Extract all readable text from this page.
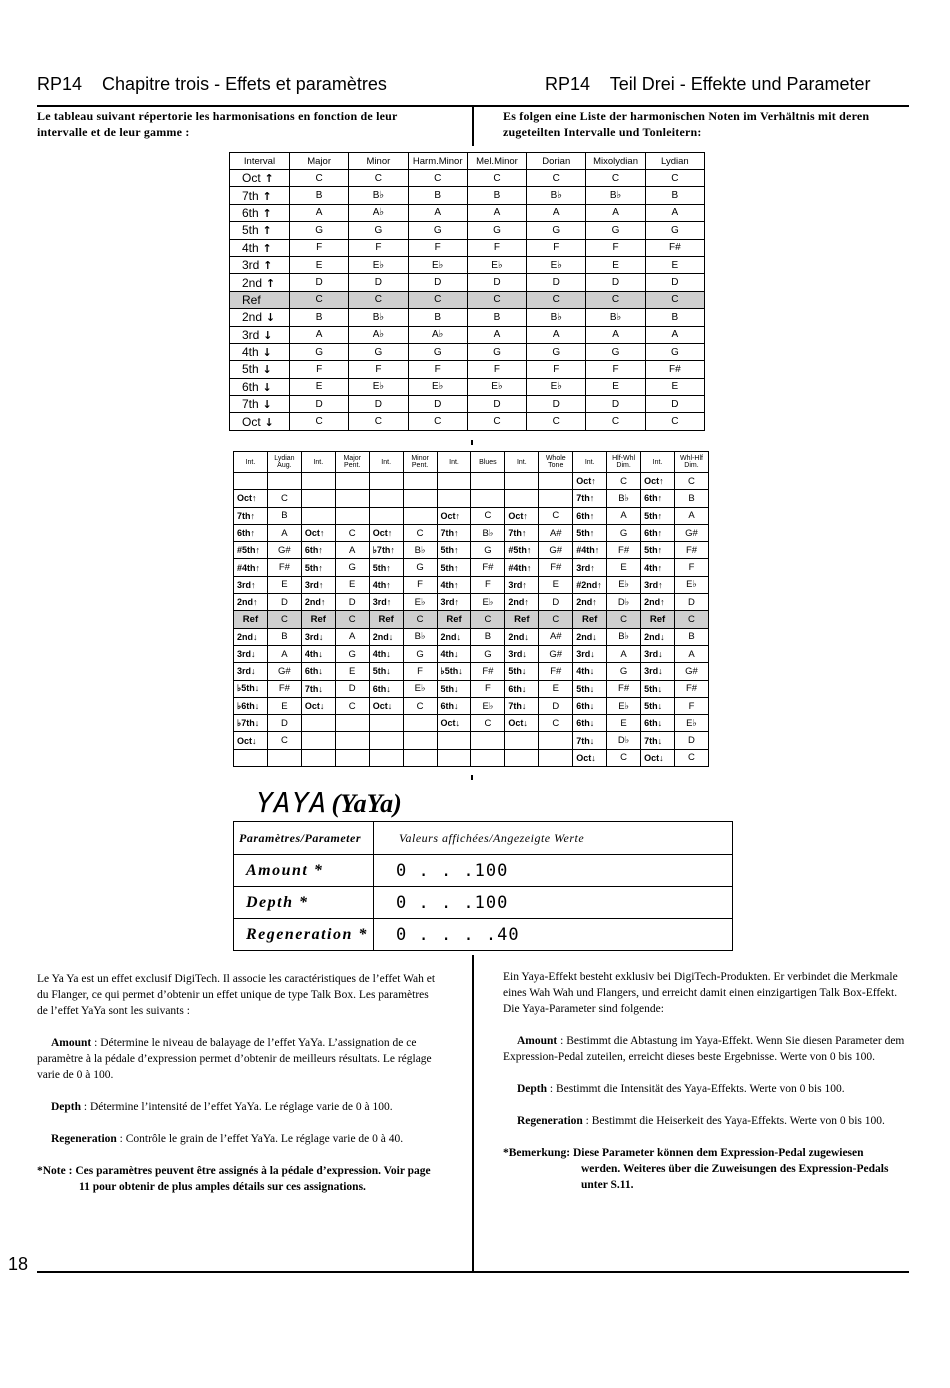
RP14 Chapitre trois - Effets et paramètres	RP14 Teil Drei - Effekte und Parameter
Le tableau suivant répertorie les harmonisations en fonction de leur intervalle et de leur gamme :
Es folgen eine Liste der harmonischen Noten im Verhältnis mit deren zugeteilten Intervalle und Tonleitern:
Interval	Major	Minor	Harm.Minor	Mel.Minor	Dorian	Mixolydian	Lydian
Oct ↑	C	C	C	C	C	C	C
7th ↑	B	B♭	B	B	B♭	B♭	B
6th ↑	A	A♭	A	A	A	A	A
5th ↑	G	G	G	G	G	G	G
4th ↑	F	F	F	F	F	F	F#
3rd ↑	E	E♭	E♭	E♭	E♭	E	E
2nd ↑	D	D	D	D	D	D	D
Ref	C	C	C	C	C	C	C
2nd ↓	B	B♭	B	B	B♭	B♭	B
3rd ↓	A	A♭	A♭	A	A	A	A
4th ↓	G	G	G	G	G	G	G
5th ↓	F	F	F	F	F	F	F#
6th ↓	E	E♭	E♭	E♭	E♭	E	E
7th ↓	D	D	D	D	D	D	D
Oct ↓	C	C	C	C	C	C	C
Int.	Lydian Aug.	Int.	Major Pent.	Int.	Minor Pent.	Int.	Blues	Int.	Whole Tone	Int.	Hlf-Whl Dim.	Int.	Whl-Hlf Dim.
										Oct↑	C	Oct↑	C
Oct↑	C									7th↑	B♭	6th↑	B
7th↑	B					Oct↑	C	Oct↑	C	6th↑	A	5th↑	A
6th↑	A	Oct↑	C	Oct↑	C	7th↑	B♭	7th↑	A#	5th↑	G	6th↑	G#
#5th↑	G#	6th↑	A	♭7th↑	B♭	5th↑	G	#5th↑	G#	#4th↑	F#	5th↑	F#
#4th↑	F#	5th↑	G	5th↑	G	5th↑	F#	#4th↑	F#	3rd↑	E	4th↑	F
3rd↑	E	3rd↑	E	4th↑	F	4th↑	F	3rd↑	E	#2nd↑	E♭	3rd↑	E♭
2nd↑	D	2nd↑	D	3rd↑	E♭	3rd↑	E♭	2nd↑	D	2nd↑	D♭	2nd↑	D
Ref	C	Ref	C	Ref	C	Ref	C	Ref	C	Ref	C	Ref	C
2nd↓	B	3rd↓	A	2nd↓	B♭	2nd↓	B	2nd↓	A#	2nd↓	B♭	2nd↓	B
3rd↓	A	4th↓	G	4th↓	G	4th↓	G	3rd↓	G#	3rd↓	A	3rd↓	A
3rd↓	G#	6th↓	E	5th↓	F	♭5th↓	F#	5th↓	F#	4th↓	G	3rd↓	G#
♭5th↓	F#	7th↓	D	6th↓	E♭	5th↓	F	6th↓	E	5th↓	F#	5th↓	F#
♭6th↓	E	Oct↓	C	Oct↓	C	6th↓	E♭	7th↓	D	6th↓	E♭	5th↓	F
♭7th↓	D					Oct↓	C	Oct↓	C	6th↓	E	6th↓	E♭
Oct↓	C									7th↓	D♭	7th↓	D
										Oct↓	C	Oct↓	C
YAYA (YaYa)
Paramètres/Parameter	Valeurs affichées/Angezeigte Werte
Amount *	0 . . .100
Depth *	0 . . .100
Regeneration *	0 . . . .40

Le Ya Ya est un effet exclusif DigiTech. Il associe les caractéristiques de l’effet Wah et du Flanger, ce qui permet d’obtenir un effet unique de type Talk Box. Les paramètres de l’effet YaYa sont les suivants :

Amount : Détermine le niveau de balayage de l’effet YaYa. L’assignation de ce paramètre à la pédale d’expression permet d’obtenir de meilleurs résultats. Le réglage varie de 0 à 100.

Depth : Détermine l’intensité de l’effet YaYa. Le réglage varie de 0 à 100.

Regeneration : Contrôle le grain de l’effet YaYa. Le réglage varie de 0 à 40.

*Note : Ces paramètres peuvent être assignés à la pédale d’expression. Voir page 11 pour obtenir de plus amples détails sur ces assignations.

Ein Yaya-Effekt besteht exklusiv bei DigiTech-Produkten. Er verbindet die Merkmale eines Wah Wah und Flangers, und erreicht damit einen einzigartigen Talk Box-Effekt. Die Yaya-Parameter sind folgende:

Amount : Bestimmt die Abtastung im Yaya-Effekt. Wenn Sie diesen Parameter dem Expression-Pedal zuteilen, erreicht dieses beste Ergebnisse. Werte von 0 bis 100.

Depth : Bestimmt die Intensität des Yaya-Effekts. Werte von 0 bis 100.

Regeneration : Bestimmt die Heiserkeit des Yaya-Effekts. Werte von 0 bis 100.

*Bemerkung: Diese Parameter können dem Expression-Pedal zugewiesen werden. Weiteres über die Zuweisungen des Expression-Pedals unter S.11.

18
